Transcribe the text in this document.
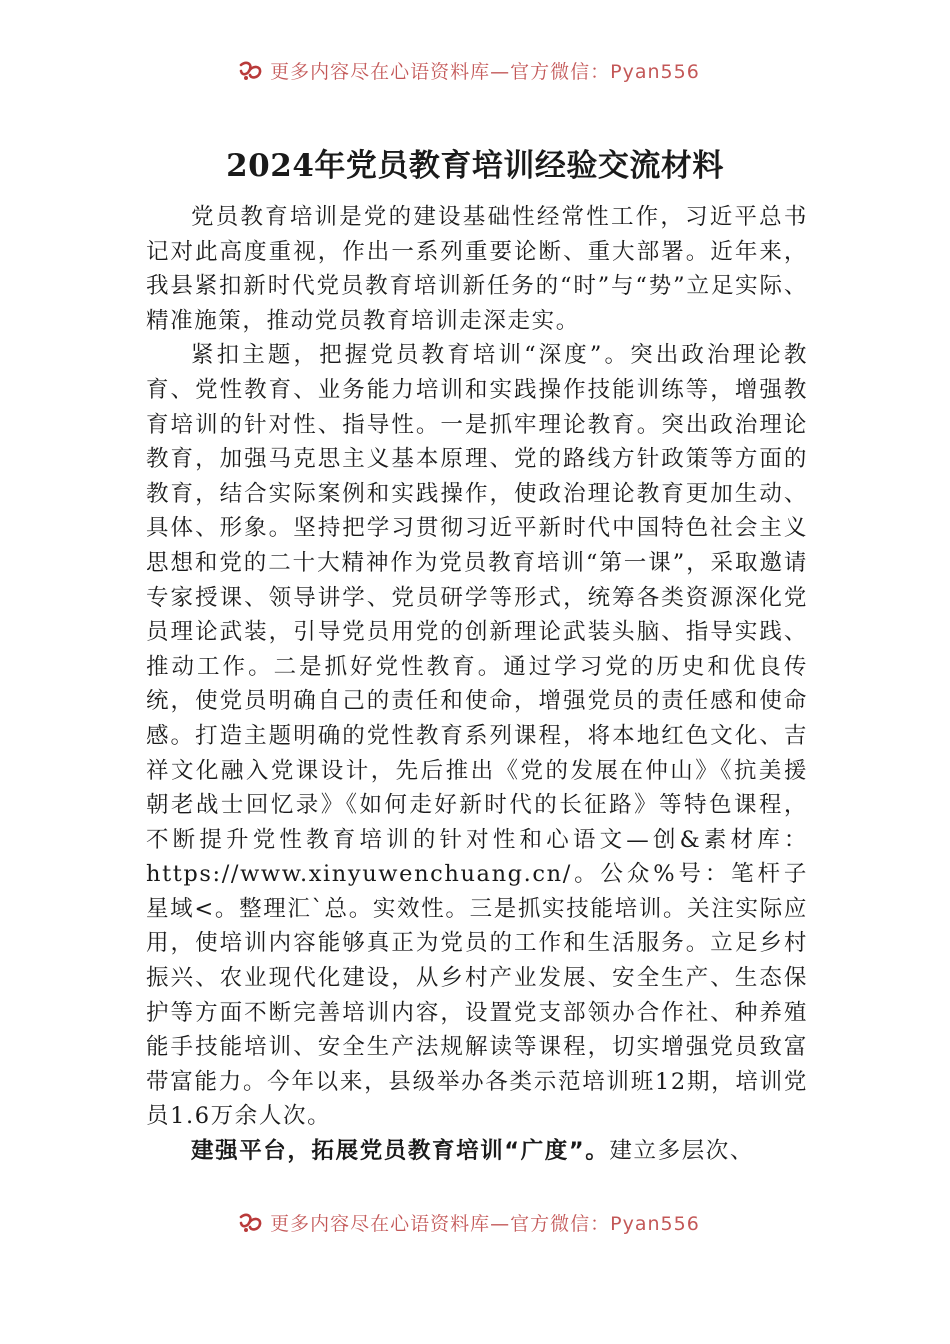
更多内容尽在心语资料库—官方微信：Pyan556
2024年党员教育培训经验交流材料

党员教育培训是党的建设基础性经常性工作，习近平总书记对此高度重视，作出一系列重要论断、重大部署。近年来，我县紧扣新时代党员教育培训新任务的“时”与“势”立足实际、精准施策，推动党员教育培训走深走实。

紧扣主题，把握党员教育培训“深度”。突出政治理论教育、党性教育、业务能力培训和实践操作技能训练等，增强教育培训的针对性、指导性。一是抓牢理论教育。突出政治理论教育，加强马克思主义基本原理、党的路线方针政策等方面的教育，结合实际案例和实践操作，使政治理论教育更加生动、具体、形象。坚持把学习贯彻习近平新时代中国特色社会主义思想和党的二十大精神作为党员教育培训“第一课”，采取邀请专家授课、领导讲学、党员研学等形式，统筹各类资源深化党员理论武装，引导党员用党的创新理论武装头脑、指导实践、推动工作。二是抓好党性教育。通过学习党的历史和优良传统，使党员明确自己的责任和使命，增强党员的责任感和使命感。打造主题明确的党性教育系列课程，将本地红色文化、吉祥文化融入党课设计，先后推出《党的发展在仲山》《抗美援朝老战士回忆录》《如何走好新时代的长征路》等特色课程，不断提升党性教育培训的针对性和心语文—创&素材库：https://www.xinyuwenchuang.cn/。公众%号：笔杆子星域<。整理汇`总。实效性。三是抓实技能培训。关注实际应用，使培训内容能够真正为党员的工作和生活服务。立足乡村振兴、农业现代化建设，从乡村产业发展、安全生产、生态保护等方面不断完善培训内容，设置党支部领办合作社、种养殖能手技能培训、安全生产法规解读等课程，切实增强党员致富带富能力。今年以来，县级举办各类示范培训班12期，培训党员1.6万余人次。

建强平台，拓展党员教育培训“广度”。建立多层次、

更多内容尽在心语资料库—官方微信：Pyan556
